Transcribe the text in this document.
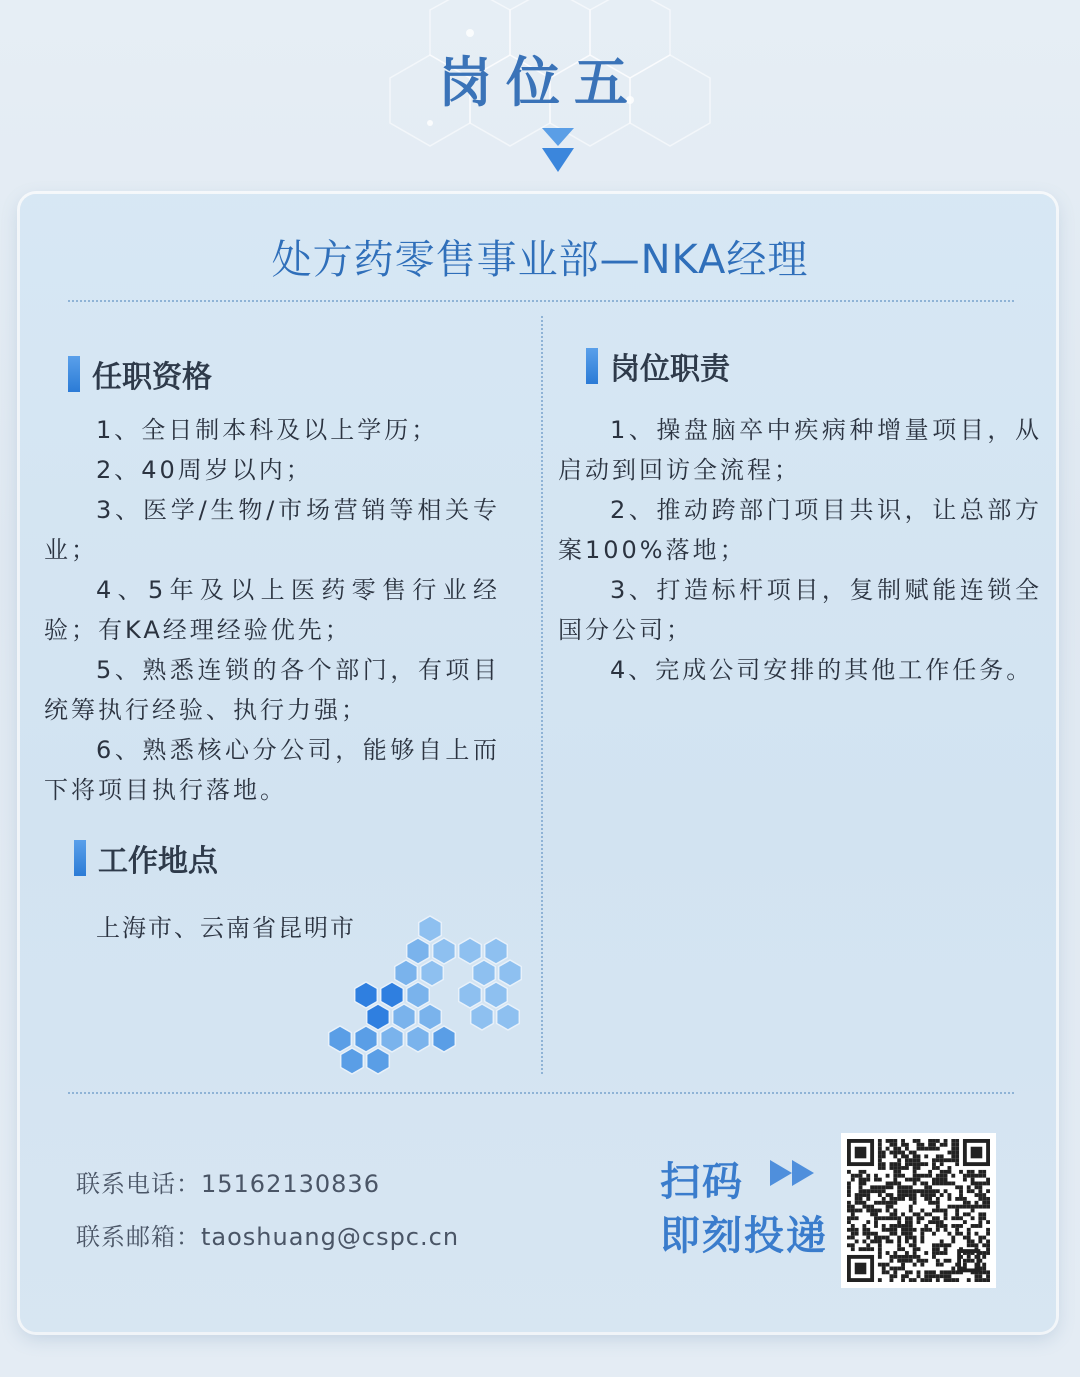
岗位五
处方药零售事业部—NKA经理
任职资格

1、全日制本科及以上学历；

2、40周岁以内；

3、医学/生物/市场营销等相关专业；

4、5年及以上医药零售行业经验；有KA经理经验优先；

5、熟悉连锁的各个部门，有项目统筹执行经验、执行力强；

6、熟悉核心分公司，能够自上而下将项目执行落地。

岗位职责

1、操盘脑卒中疾病种增量项目，从启动到回访全流程；

2、推动跨部门项目共识，让总部方案100%落地；

3、打造标杆项目，复制赋能连锁全国分公司；

4、完成公司安排的其他工作任务。

工作地点
上海市、云南省昆明市
联系电话：15162130836
联系邮箱：taoshuang@cspc.cn
扫码
即刻投递
